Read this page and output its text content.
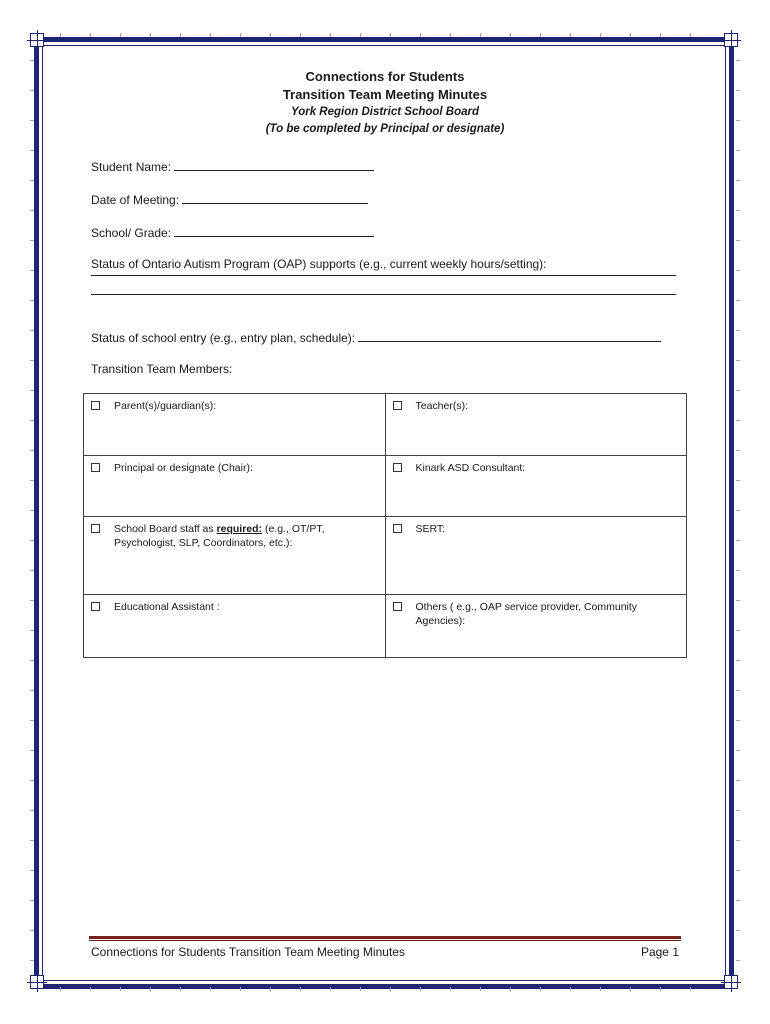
Connections for Students
Transition Team Meeting Minutes
York Region District School Board
(To be completed by Principal or designate)
Student Name:
Date of Meeting:
School/ Grade:
Status of Ontario Autism Program (OAP) supports (e.g., current weekly hours/setting):
Status of school entry (e.g., entry plan, schedule):
Transition Team Members:
Parent(s)/guardian(s):	Teacher(s):

Principal or designate (Chair):	Kinark ASD Consultant:

School Board staff as required: (e.g., OT/PT, Psychologist, SLP, Coordinators, etc.):	SERT:

Educational Assistant :	Others ( e.g., OAP service provider, Community Agencies):
Connections for Students Transition Team Meeting Minutes	Page 1
